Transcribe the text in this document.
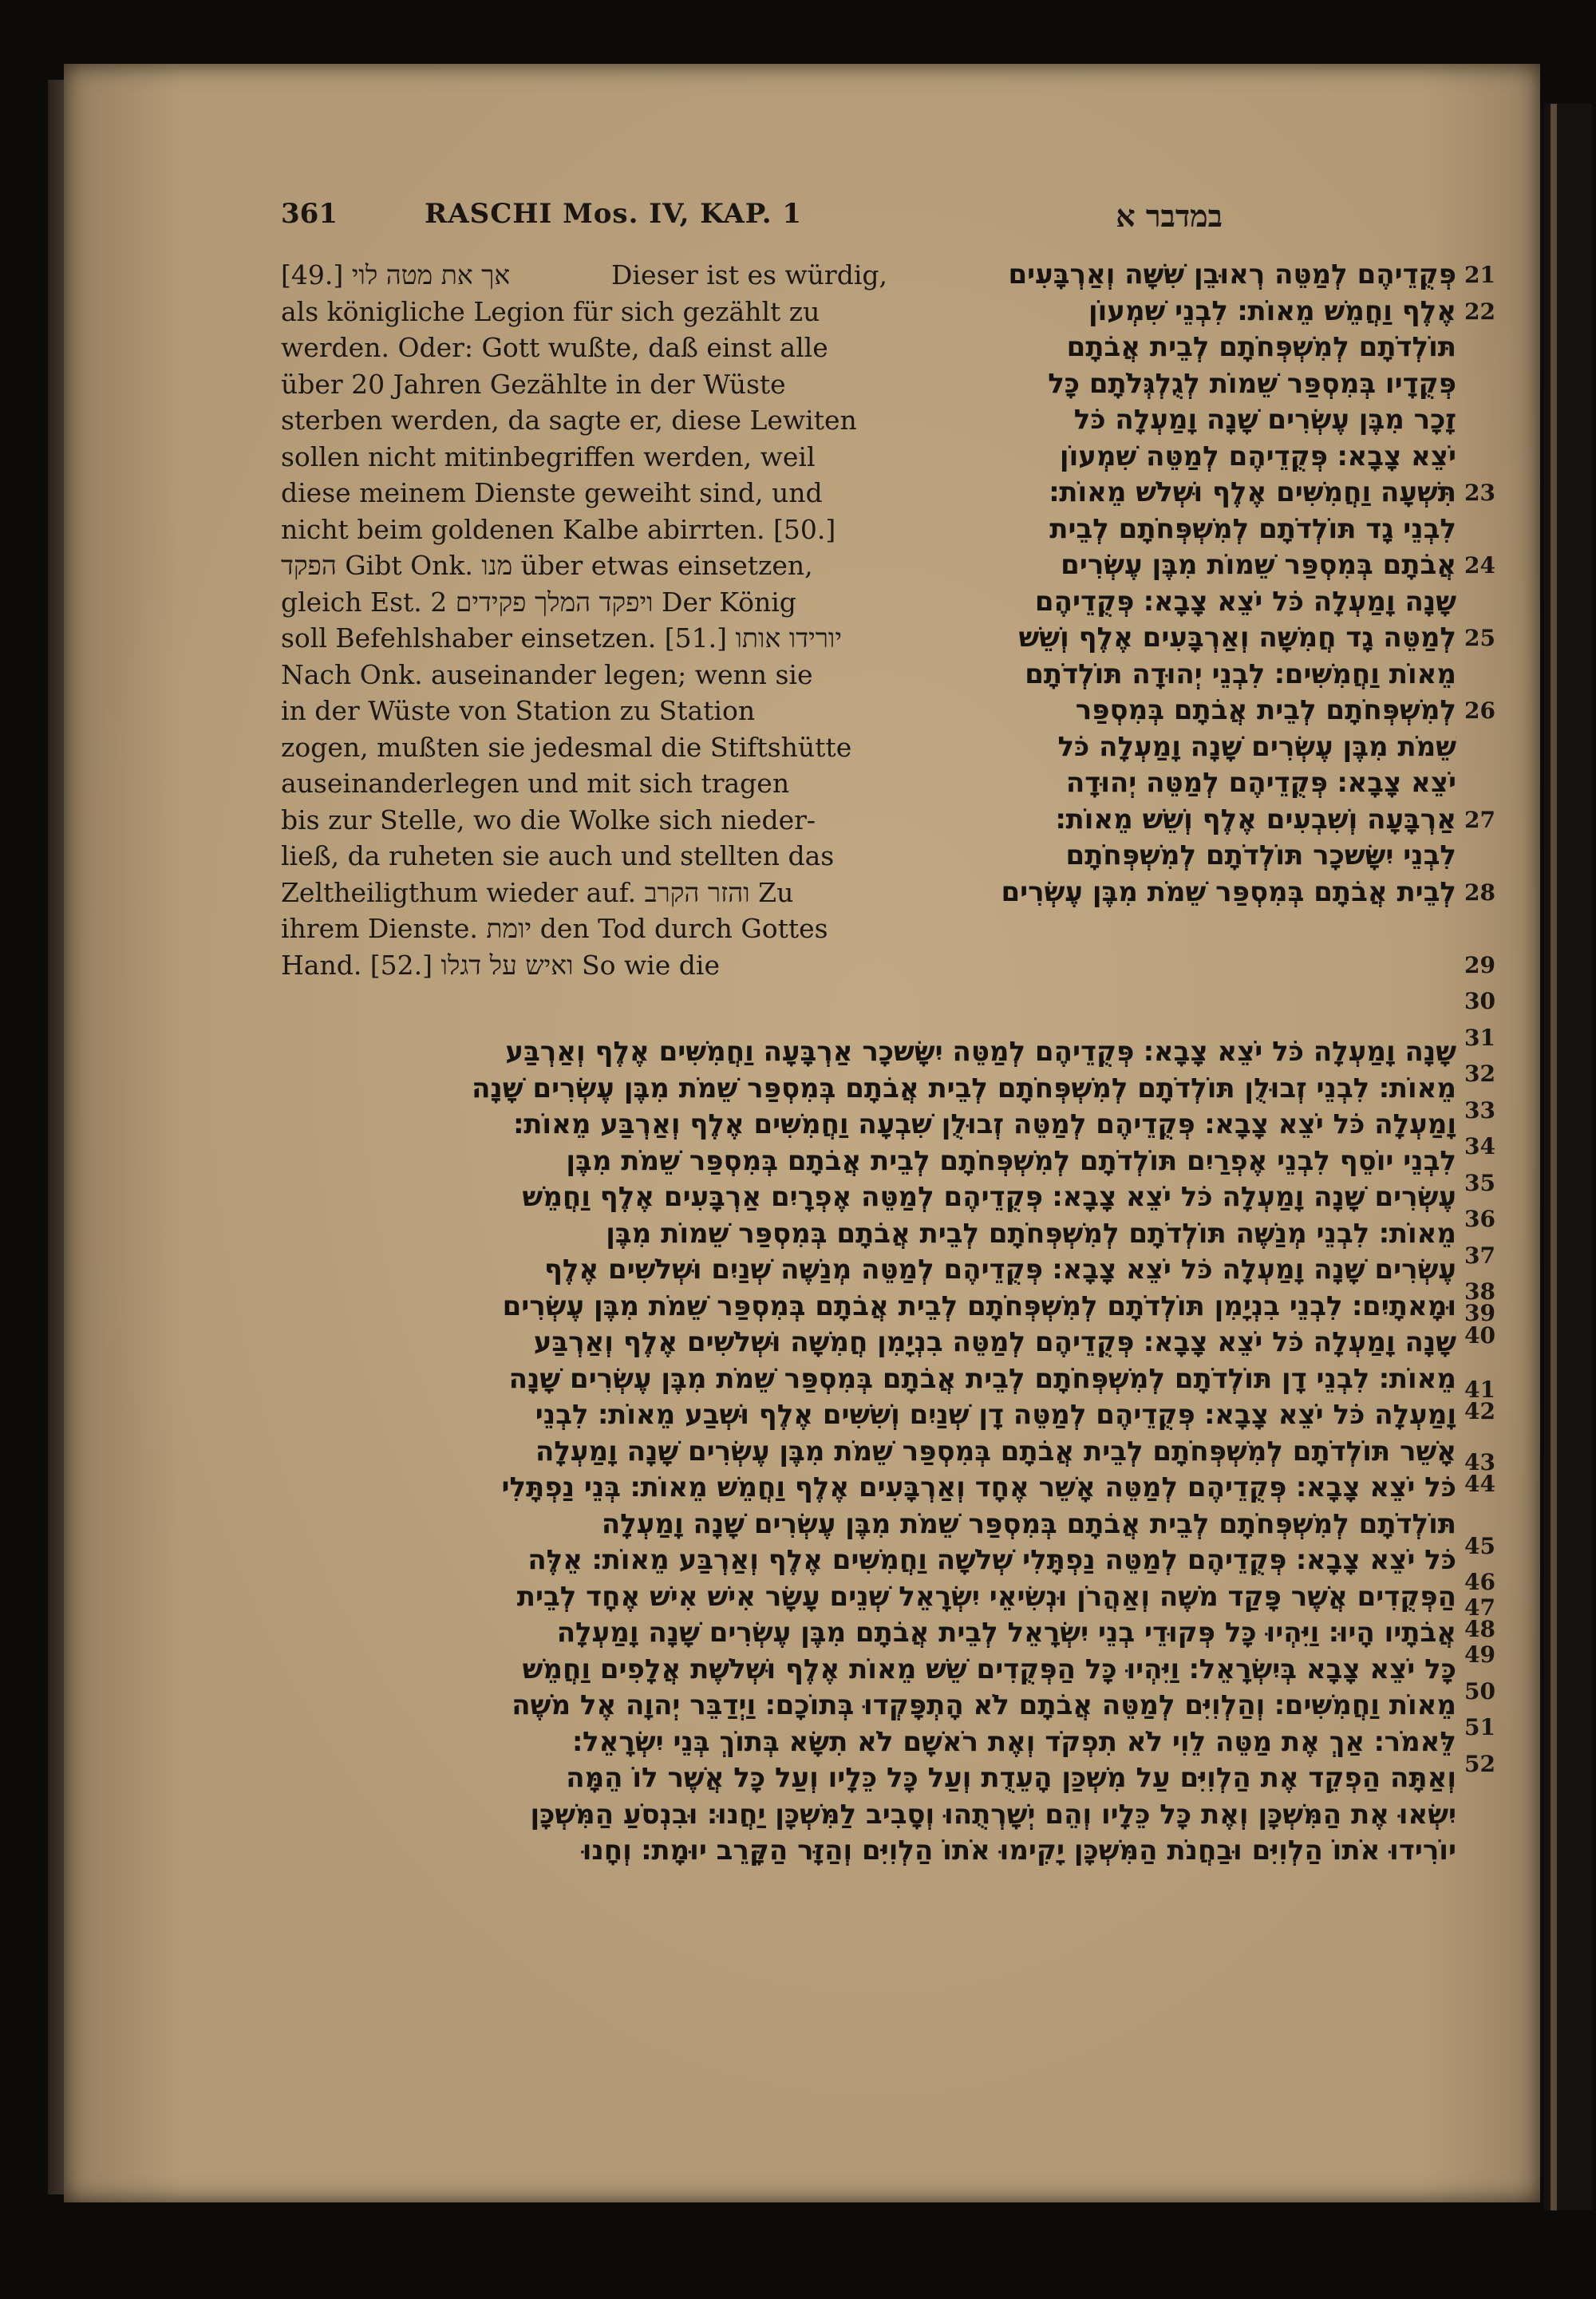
361	RASCHI Mos. IV, KAP. 1	במדבר א
[49.] אך את מטה לוי	Dieser ist es würdig,
als königliche Legion für sich gezählt zu
werden. Oder: Gott wußte, daß einst alle
über 20 Jahren Gezählte in der Wüste
sterben werden, da sagte er, diese Lewiten
sollen nicht mitinbegriffen werden, weil
diese meinem Dienste geweiht sind, und
nicht beim goldenen Kalbe abirrten. [50.]
הפקד Gibt Onk. מנו über etwas einsetzen,
gleich Est. 2 ויפקד המלך פקידים Der König
soll Befehlshaber einsetzen. [51.] יורידו אותו
Nach Onk. auseinander legen; wenn sie
in der Wüste von Station zu Station
zogen, mußten sie jedesmal die Stiftshütte
auseinanderlegen und mit sich tragen
bis zur Stelle, wo die Wolke sich nieder-
ließ, da ruheten sie auch und stellten das
Zeltheiligthum wieder auf. והזר הקרב Zu
ihrem Dienste. יומת den Tod durch Gottes
Hand. [52.] ואיש על דגלו So wie die
פְּקֻדֵיהֶם לְמַטֵּה רְאוּבֵן שִׁשָּׁה וְאַרְבָּעִים
אֶלֶף וַחֲמֵשׁ מֵאוֹת׃ לִבְנֵי שִׁמְעוֹן
תּוֹלְדֹתָם לְמִשְׁפְּחֹתָם לְבֵית אֲבֹתָם
פְּקֻדָיו בְּמִסְפַּר שֵׁמוֹת לְגֻלְגְּלֹתָם כָּל
זָכָר מִבֶּן עֶשְׂרִים שָׁנָה וָמַעְלָה כֹּל
יֹצֵא צָבָא׃ פְּקֻדֵיהֶם לְמַטֵּה שִׁמְעוֹן
תִּשְׁעָה וַחֲמִשִּׁים אֶלֶף וּשְׁלֹשׁ מֵאוֹת׃
לִבְנֵי גָד תּוֹלְדֹתָם לְמִשְׁפְּחֹתָם לְבֵית
אֲבֹתָם בְּמִסְפַּר שֵׁמוֹת מִבֶּן עֶשְׂרִים
שָׁנָה וָמַעְלָה כֹּל יֹצֵא צָבָא׃ פְּקֻדֵיהֶם
לְמַטֵּה גָד חֲמִשָּׁה וְאַרְבָּעִים אֶלֶף וְשֵׁשׁ
מֵאוֹת וַחֲמִשִּׁים׃ לִבְנֵי יְהוּדָה תּוֹלְדֹתָם
לְמִשְׁפְּחֹתָם לְבֵית אֲבֹתָם בְּמִסְפַּר
שֵׁמֹת מִבֶּן עֶשְׂרִים שָׁנָה וָמַעְלָה כֹּל
יֹצֵא צָבָא׃ פְּקֻדֵיהֶם לְמַטֵּה יְהוּדָה
אַרְבָּעָה וְשִׁבְעִים אֶלֶף וְשֵׁשׁ מֵאוֹת׃
לִבְנֵי יִשָּׂשכָר תּוֹלְדֹתָם לְמִשְׁפְּחֹתָם
לְבֵית אֲבֹתָם בְּמִסְפַּר שֵׁמֹת מִבֶּן עֶשְׂרִים
שָׁנָה וָמַעְלָה כֹּל יֹצֵא צָבָא׃ פְּקֻדֵיהֶם לְמַטֵּה יִשָּׂשכָר אַרְבָּעָה וַחֲמִשִּׁים אֶלֶף וְאַרְבַּע
מֵאוֹת׃ לִבְנֵי זְבוּלֻן תּוֹלְדֹתָם לְמִשְׁפְּחֹתָם לְבֵית אֲבֹתָם בְּמִסְפַּר שֵׁמֹת מִבֶּן עֶשְׂרִים שָׁנָה
וָמַעְלָה כֹּל יֹצֵא צָבָא׃ פְּקֻדֵיהֶם לְמַטֵּה זְבוּלֻן שִׁבְעָה וַחֲמִשִּׁים אֶלֶף וְאַרְבַּע מֵאוֹת׃
לִבְנֵי יוֹסֵף לִבְנֵי אֶפְרַיִם תּוֹלְדֹתָם לְמִשְׁפְּחֹתָם לְבֵית אֲבֹתָם בְּמִסְפַּר שֵׁמֹת מִבֶּן
עֶשְׂרִים שָׁנָה וָמַעְלָה כֹּל יֹצֵא צָבָא׃ פְּקֻדֵיהֶם לְמַטֵּה אֶפְרָיִם אַרְבָּעִים אֶלֶף וַחֲמֵשׁ
מֵאוֹת׃ לִבְנֵי מְנַשֶּׁה תּוֹלְדֹתָם לְמִשְׁפְּחֹתָם לְבֵית אֲבֹתָם בְּמִסְפַּר שֵׁמוֹת מִבֶּן
עֶשְׂרִים שָׁנָה וָמַעְלָה כֹּל יֹצֵא צָבָא׃ פְּקֻדֵיהֶם לְמַטֵּה מְנַשֶּׁה שְׁנַיִם וּשְׁלֹשִׁים אֶלֶף
וּמָאתָיִם׃ לִבְנֵי בִנְיָמִן תּוֹלְדֹתָם לְמִשְׁפְּחֹתָם לְבֵית אֲבֹתָם בְּמִסְפַּר שֵׁמֹת מִבֶּן עֶשְׂרִים
שָׁנָה וָמַעְלָה כֹּל יֹצֵא צָבָא׃ פְּקֻדֵיהֶם לְמַטֵּה בִנְיָמִן חֲמִשָּׁה וּשְׁלֹשִׁים אֶלֶף וְאַרְבַּע
מֵאוֹת׃ לִבְנֵי דָן תּוֹלְדֹתָם לְמִשְׁפְּחֹתָם לְבֵית אֲבֹתָם בְּמִסְפַּר שֵׁמֹת מִבֶּן עֶשְׂרִים שָׁנָה
וָמַעְלָה כֹּל יֹצֵא צָבָא׃ פְּקֻדֵיהֶם לְמַטֵּה דָן שְׁנַיִם וְשִׁשִּׁים אֶלֶף וּשְׁבַע מֵאוֹת׃ לִבְנֵי
אָשֵׁר תּוֹלְדֹתָם לְמִשְׁפְּחֹתָם לְבֵית אֲבֹתָם בְּמִסְפַּר שֵׁמֹת מִבֶּן עֶשְׂרִים שָׁנָה וָמַעְלָה
כֹּל יֹצֵא צָבָא׃ פְּקֻדֵיהֶם לְמַטֵּה אָשֵׁר אֶחָד וְאַרְבָּעִים אֶלֶף וַחֲמֵשׁ מֵאוֹת׃ בְּנֵי נַפְתָּלִי
תּוֹלְדֹתָם לְמִשְׁפְּחֹתָם לְבֵית אֲבֹתָם בְּמִסְפַּר שֵׁמֹת מִבֶּן עֶשְׂרִים שָׁנָה וָמַעְלָה
כֹּל יֹצֵא צָבָא׃ פְּקֻדֵיהֶם לְמַטֵּה נַפְתָּלִי שְׁלֹשָׁה וַחֲמִשִּׁים אֶלֶף וְאַרְבַּע מֵאוֹת׃ אֵלֶּה
הַפְּקֻדִים אֲשֶׁר פָּקַד מֹשֶׁה וְאַהֲרֹן וּנְשִׂיאֵי יִשְׂרָאֵל שְׁנֵים עָשָׂר אִישׁ אִישׁ אֶחָד לְבֵית
אֲבֹתָיו הָיוּ׃ וַיִּהְיוּ כָּל פְּקוּדֵי בְנֵי יִשְׂרָאֵל לְבֵית אֲבֹתָם מִבֶּן עֶשְׂרִים שָׁנָה וָמַעְלָה
כָּל יֹצֵא צָבָא בְּיִשְׂרָאֵל׃ וַיִּהְיוּ כָּל הַפְּקֻדִים שֵׁשׁ מֵאוֹת אֶלֶף וּשְׁלֹשֶׁת אֲלָפִים וַחֲמֵשׁ
מֵאוֹת וַחֲמִשִּׁים׃ וְהַלְוִיִּם לְמַטֵּה אֲבֹתָם לֹא הָתְפָּקְדוּ בְּתוֹכָם׃ וַיְדַבֵּר יְהוָה אֶל מֹשֶׁה
לֵּאמֹר׃ אַךְ אֶת מַטֵּה לֵוִי לֹא תִפְקֹד וְאֶת רֹאשָׁם לֹא תִשָּׂא בְּתוֹךְ בְּנֵי יִשְׂרָאֵל׃
וְאַתָּה הַפְקֵד אֶת הַלְוִיִּם עַל מִשְׁכַּן הָעֵדֻת וְעַל כָּל כֵּלָיו וְעַל כָּל אֲשֶׁר לוֹ הֵמָּה
יִשְׂאוּ אֶת הַמִּשְׁכָּן וְאֶת כָּל כֵּלָיו וְהֵם יְשָׁרְתֻהוּ וְסָבִיב לַמִּשְׁכָּן יַחֲנוּ׃ וּבִנְסֹעַ הַמִּשְׁכָּן
יוֹרִידוּ אֹתוֹ הַלְוִיִּם וּבַחֲנֹת הַמִּשְׁכָּן יָקִימוּ אֹתוֹ הַלְוִיִּם וְהַזָּר הַקָּרֵב יוּמָת׃ וְחָנוּ
21
22
23
24
25
26
27
28
29
30
31
32
33
34
35
36
37
38
39
40
41
42
43
44
45
46
47
48
49
50
51
52
